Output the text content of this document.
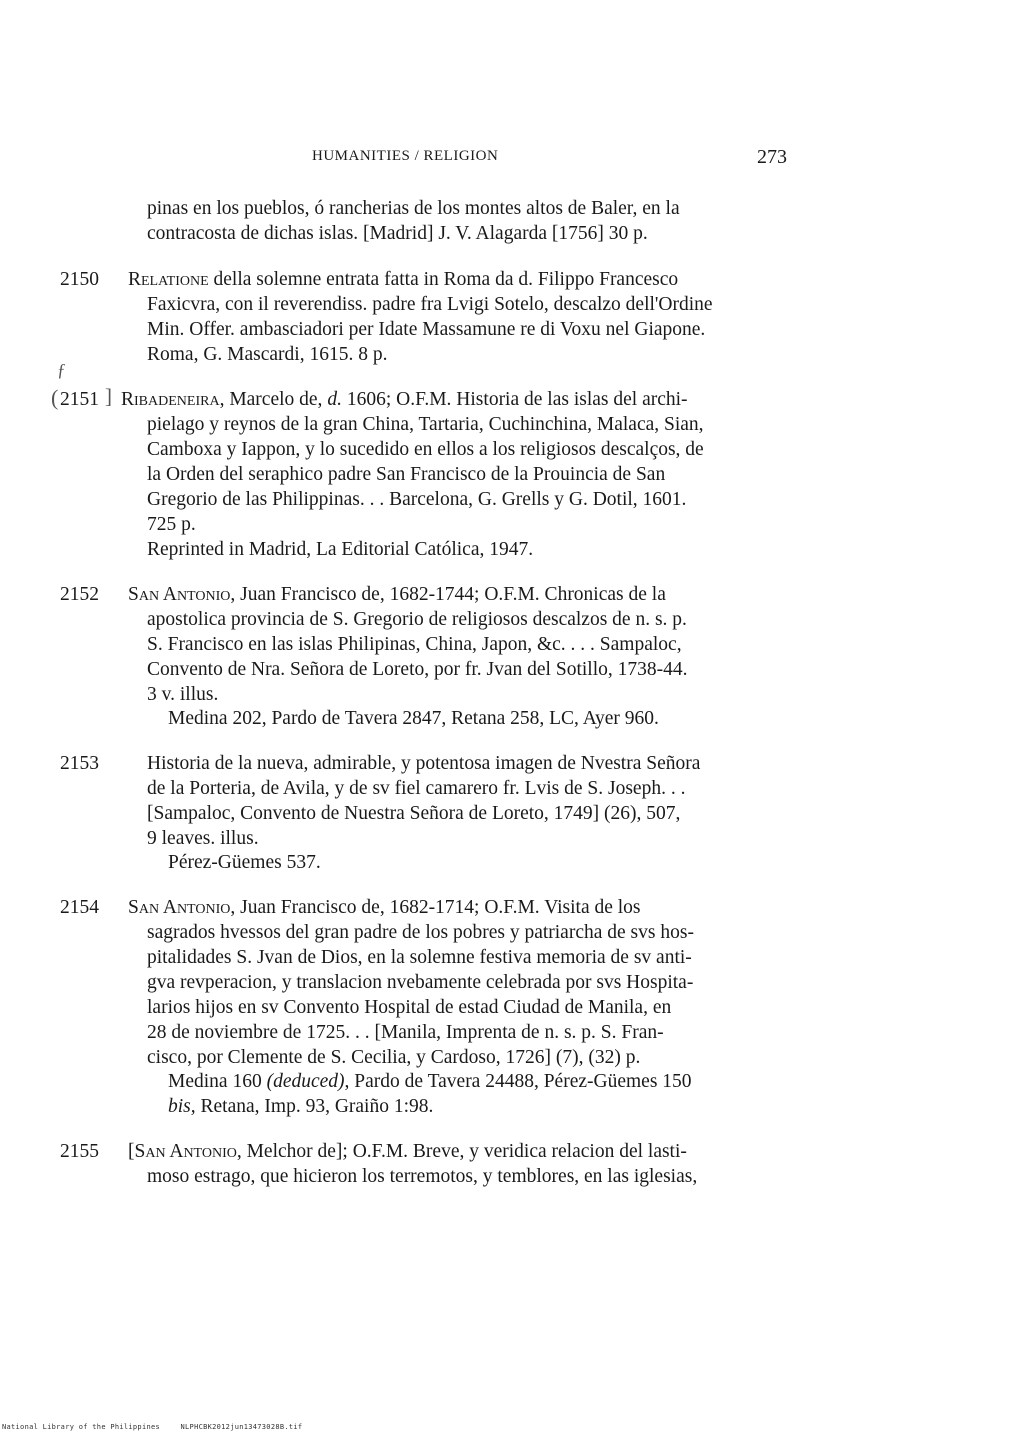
HUMANITIES / RELIGION	273
pinas en los pueblos, ó rancherias de los montes altos de Baler, en la
contracosta de dichas islas. [Madrid] J. V. Alagarda [1756] 30 p.
2150 Relatione della solemne entrata fatta in Roma da d. Filippo Francesco
Faxicvra, con il reverendiss. padre fra Lvigi Sotelo, descalzo dell'Ordine
Min. Offer. ambasciadori per Idate Massamune re di Voxu nel Giapone.
Roma, G. Mascardi, 1615. 8 p.
ƒ
( 2151 ] Ribadeneira, Marcelo de, d. 1606; O.F.M. Historia de las islas del archi-
pielago y reynos de la gran China, Tartaria, Cuchinchina, Malaca, Sian,
Camboxa y Iappon, y lo sucedido en ellos a los religiosos descalços, de
la Orden del seraphico padre San Francisco de la Prouincia de San
Gregorio de las Philippinas. . . Barcelona, G. Grells y G. Dotil, 1601.
725 p.
Reprinted in Madrid, La Editorial Católica, 1947.
2152 San Antonio, Juan Francisco de, 1682-1744; O.F.M. Chronicas de la
apostolica provincia de S. Gregorio de religiosos descalzos de n. s. p.
S. Francisco en las islas Philipinas, China, Japon, &c. . . . Sampaloc,
Convento de Nra. Señora de Loreto, por fr. Jvan del Sotillo, 1738-44.
3 v. illus.
Medina 202, Pardo de Tavera 2847, Retana 258, LC, Ayer 960.
2153 Historia de la nueva, admirable, y potentosa imagen de Nvestra Señora
de la Porteria, de Avila, y de sv fiel camarero fr. Lvis de S. Joseph. . .
[Sampaloc, Convento de Nuestra Señora de Loreto, 1749] (26), 507,
9 leaves. illus.
Pérez-Güemes 537.
2154 San Antonio, Juan Francisco de, 1682-1714; O.F.M. Visita de los
sagrados hvessos del gran padre de los pobres y patriarcha de svs hos-
pitalidades S. Jvan de Dios, en la solemne festiva memoria de sv anti-
gva revperacion, y translacion nvebamente celebrada por svs Hospita-
larios hijos en sv Convento Hospital de estad Ciudad de Manila, en
28 de noviembre de 1725. . . [Manila, Imprenta de n. s. p. S. Fran-
cisco, por Clemente de S. Cecilia, y Cardoso, 1726] (7), (32) p.
Medina 160 (deduced), Pardo de Tavera 24488, Pérez-Güemes 150
bis, Retana, Imp. 93, Graiño 1:98.
2155 [San Antonio, Melchor de]; O.F.M. Breve, y veridica relacion del lasti-
moso estrago, que hicieron los terremotos, y temblores, en las iglesias,
National Library of the Philippines	NLPHCBK2012jun13473028B.tif
